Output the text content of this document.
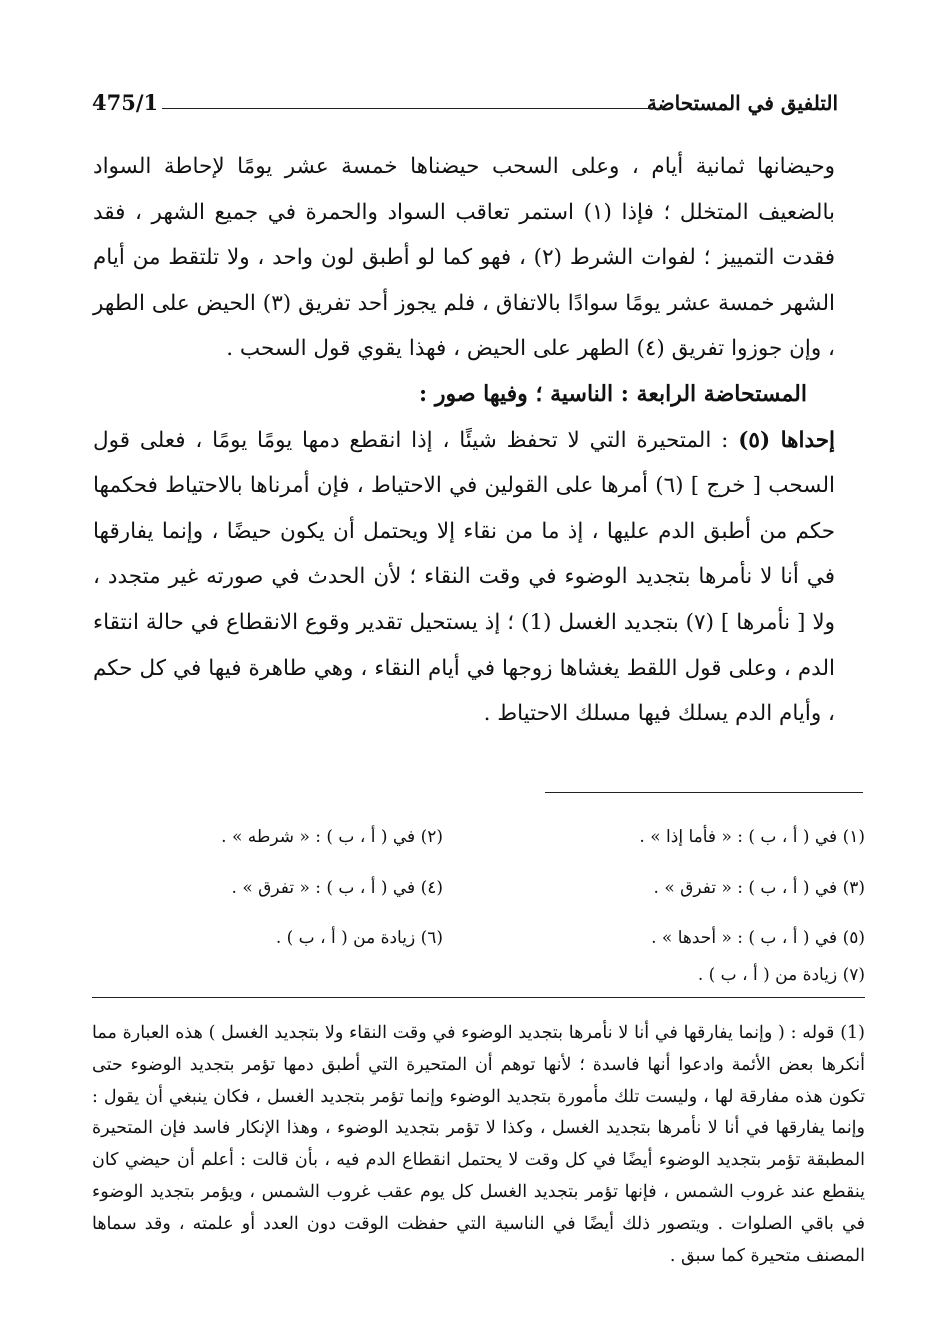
التلفيق في المستحاضة
475/1

وحيضانها ثمانية أيام ، وعلى السحب حيضناها خمسة عشر يومًا لإحاطة السواد بالضعيف المتخلل ؛ فإذا (١) استمر تعاقب السواد والحمرة في جميع الشهر ، فقد فقدت التمييز ؛ لفوات الشرط (٢) ، فهو كما لو أطبق لون واحد ، ولا تلتقط من أيام الشهر خمسة عشر يومًا سوادًا بالاتفاق ، فلم يجوز أحد تفريق (٣) الحيض على الطهر ، وإن جوزوا تفريق (٤) الطهر على الحيض ، فهذا يقوي قول السحب .

المستحاضة الرابعة : الناسية ؛ وفيها صور :

إحداها (٥) : المتحيرة التي لا تحفظ شيئًا ، إذا انقطع دمها يومًا يومًا ، فعلى قول السحب [ خرج ] (٦) أمرها على القولين في الاحتياط ، فإن أمرناها بالاحتياط فحكمها حكم من أطبق الدم عليها ، إذ ما من نقاء إلا ويحتمل أن يكون حيضًا ، وإنما يفارقها في أنا لا نأمرها بتجديد الوضوء في وقت النقاء ؛ لأن الحدث في صورته غير متجدد ، ولا [ نأمرها ] (٧) بتجديد الغسل (1) ؛ إذ يستحيل تقدير وقوع الانقطاع في حالة انتقاء الدم ، وعلى قول اللقط يغشاها زوجها في أيام النقاء ، وهي طاهرة فيها في كل حكم ، وأيام الدم يسلك فيها مسلك الاحتياط .

(١) في ( أ ، ب ) : « فأما إذا » .
(٢) في ( أ ، ب ) : « شرطه » .
(٣) في ( أ ، ب ) : « تفرق » .
(٤) في ( أ ، ب ) : « تفرق » .
(٥) في ( أ ، ب ) : « أحدها » .
(٦) زيادة من ( أ ، ب ) .
(٧) زيادة من ( أ ، ب ) .

(1) قوله : ( وإنما يفارقها في أنا لا نأمرها بتجديد الوضوء في وقت النقاء ولا بتجديد الغسل ) هذه العبارة مما أنكرها بعض الأئمة وادعوا أنها فاسدة ؛ لأنها توهم أن المتحيرة التي أطبق دمها تؤمر بتجديد الوضوء حتى تكون هذه مفارقة لها ، وليست تلك مأمورة بتجديد الوضوء وإنما تؤمر بتجديد الغسل ، فكان ينبغي أن يقول : وإنما يفارقها في أنا لا نأمرها بتجديد الغسل ، وكذا لا تؤمر بتجديد الوضوء ، وهذا الإنكار فاسد فإن المتحيرة المطبقة تؤمر بتجديد الوضوء أيضًا في كل وقت لا يحتمل انقطاع الدم فيه ، بأن قالت : أعلم أن حيضي كان ينقطع عند غروب الشمس ، فإنها تؤمر بتجديد الغسل كل يوم عقب غروب الشمس ، ويؤمر بتجديد الوضوء في باقي الصلوات . ويتصور ذلك أيضًا في الناسية التي حفظت الوقت دون العدد أو علمته ، وقد سماها المصنف متحيرة كما سبق .
